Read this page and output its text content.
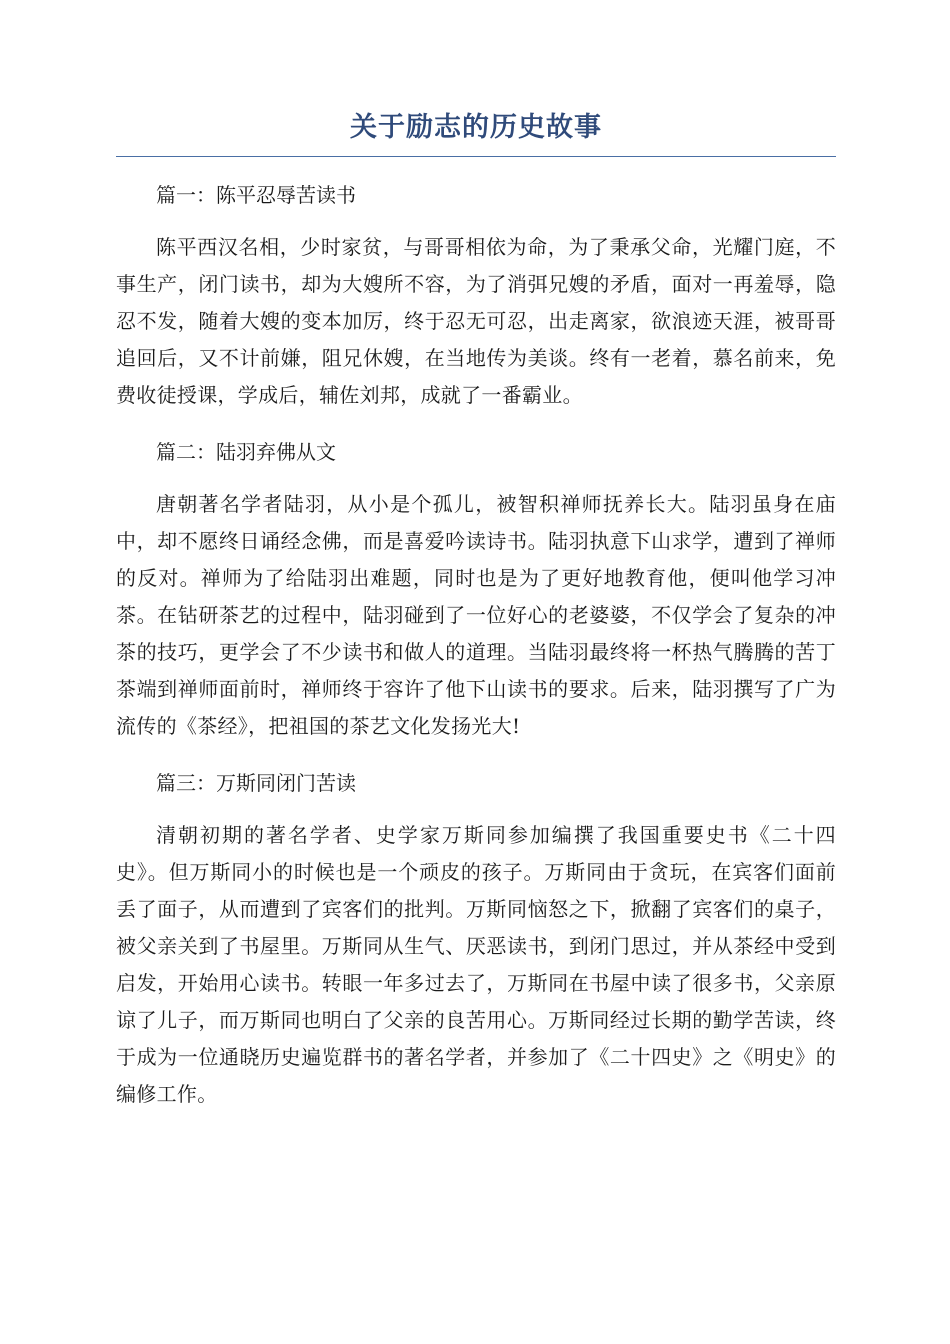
关于励志的历史故事

篇一：陈平忍辱苦读书

陈平西汉名相，少时家贫，与哥哥相依为命，为了秉承父命，光耀门庭，不事生产，闭门读书，却为大嫂所不容，为了消弭兄嫂的矛盾，面对一再羞辱，隐忍不发，随着大嫂的变本加厉，终于忍无可忍，出走离家，欲浪迹天涯，被哥哥追回后，又不计前嫌，阻兄休嫂，在当地传为美谈。终有一老着，慕名前来，免费收徒授课，学成后，辅佐刘邦，成就了一番霸业。

篇二：陆羽弃佛从文

唐朝著名学者陆羽，从小是个孤儿，被智积禅师抚养长大。陆羽虽身在庙中，却不愿终日诵经念佛，而是喜爱吟读诗书。陆羽执意下山求学，遭到了禅师的反对。禅师为了给陆羽出难题，同时也是为了更好地教育他，便叫他学习冲茶。在钻研茶艺的过程中，陆羽碰到了一位好心的老婆婆，不仅学会了复杂的冲茶的技巧，更学会了不少读书和做人的道理。当陆羽最终将一杯热气腾腾的苦丁茶端到禅师面前时，禅师终于容许了他下山读书的要求。后来，陆羽撰写了广为流传的《茶经》，把祖国的茶艺文化发扬光大!

篇三：万斯同闭门苦读

清朝初期的著名学者、史学家万斯同参加编撰了我国重要史书《二十四史》。但万斯同小的时候也是一个顽皮的孩子。万斯同由于贪玩，在宾客们面前丢了面子，从而遭到了宾客们的批判。万斯同恼怒之下，掀翻了宾客们的桌子，被父亲关到了书屋里。万斯同从生气、厌恶读书，到闭门思过，并从茶经中受到启发，开始用心读书。转眼一年多过去了，万斯同在书屋中读了很多书，父亲原谅了儿子，而万斯同也明白了父亲的良苦用心。万斯同经过长期的勤学苦读，终于成为一位通晓历史遍览群书的著名学者，并参加了《二十四史》之《明史》的编修工作。
